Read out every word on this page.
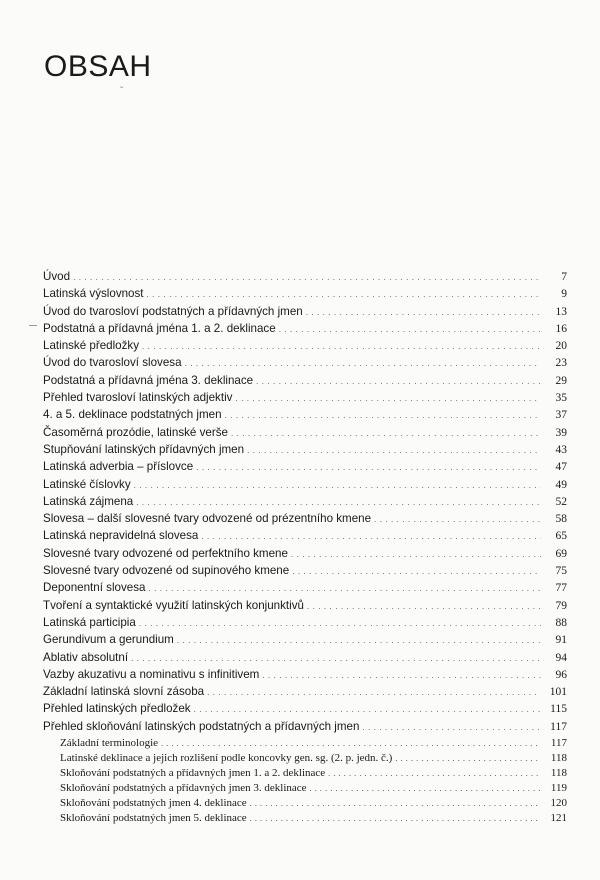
OBSAH
ˇ
Úvod . . .	7
Latinská výslovnost . . .	9
Úvod do tvarosloví podstatných a přídavných jmen . . .	13
Podstatná a přídavná jména 1. a 2. deklinace . . .	16
Latinské předložky . . .	20
Úvod do tvarosloví slovesa . . .	23
Podstatná a přídavná jména 3. deklinace . . .	29
Přehled tvarosloví latinských adjektiv . . .	35
4. a 5. deklinace podstatných jmen . . .	37
Časoměrná prozódie, latinské verše . . .	39
Stupňování latinských přídavných jmen . . .	43
Latinská adverbia – příslovce . . .	47
Latinské číslovky . . .	49
Latinská zájmena . . .	52
Slovesa – další slovesné tvary odvozené od prézentního kmene . . .	58
Latinská nepravidelná slovesa . . .	65
Slovesné tvary odvozené od perfektního kmene . . .	69
Slovesné tvary odvozené od supinového kmene . . .	75
Deponentní slovesa . . .	77
Tvoření a syntaktické využití latinských konjunktivů . . .	79
Latinská participia . . .	88
Gerundivum a gerundium . . .	91
Ablativ absolutní . . .	94
Vazby akuzativu a nominativu s infinitivem . . .	96
Základní latinská slovní zásoba . . .	101
Přehled latinských předložek . . .	115
Přehled skloňování latinských podstatných a přídavných jmen . . .	117
Základní terminologie . . .	117
Latinské deklinace a jejich rozlišení podle koncovky gen. sg. (2. p. jedn. č.) . . .	118
Skloňování podstatných a přídavných jmen 1. a 2. deklinace . . .	118
Skloňování podstatných a přídavných jmen 3. deklinace . . .	119
Skloňování podstatných jmen 4. deklinace . . .	120
Skloňování podstatných jmen 5. deklinace . . .	121
